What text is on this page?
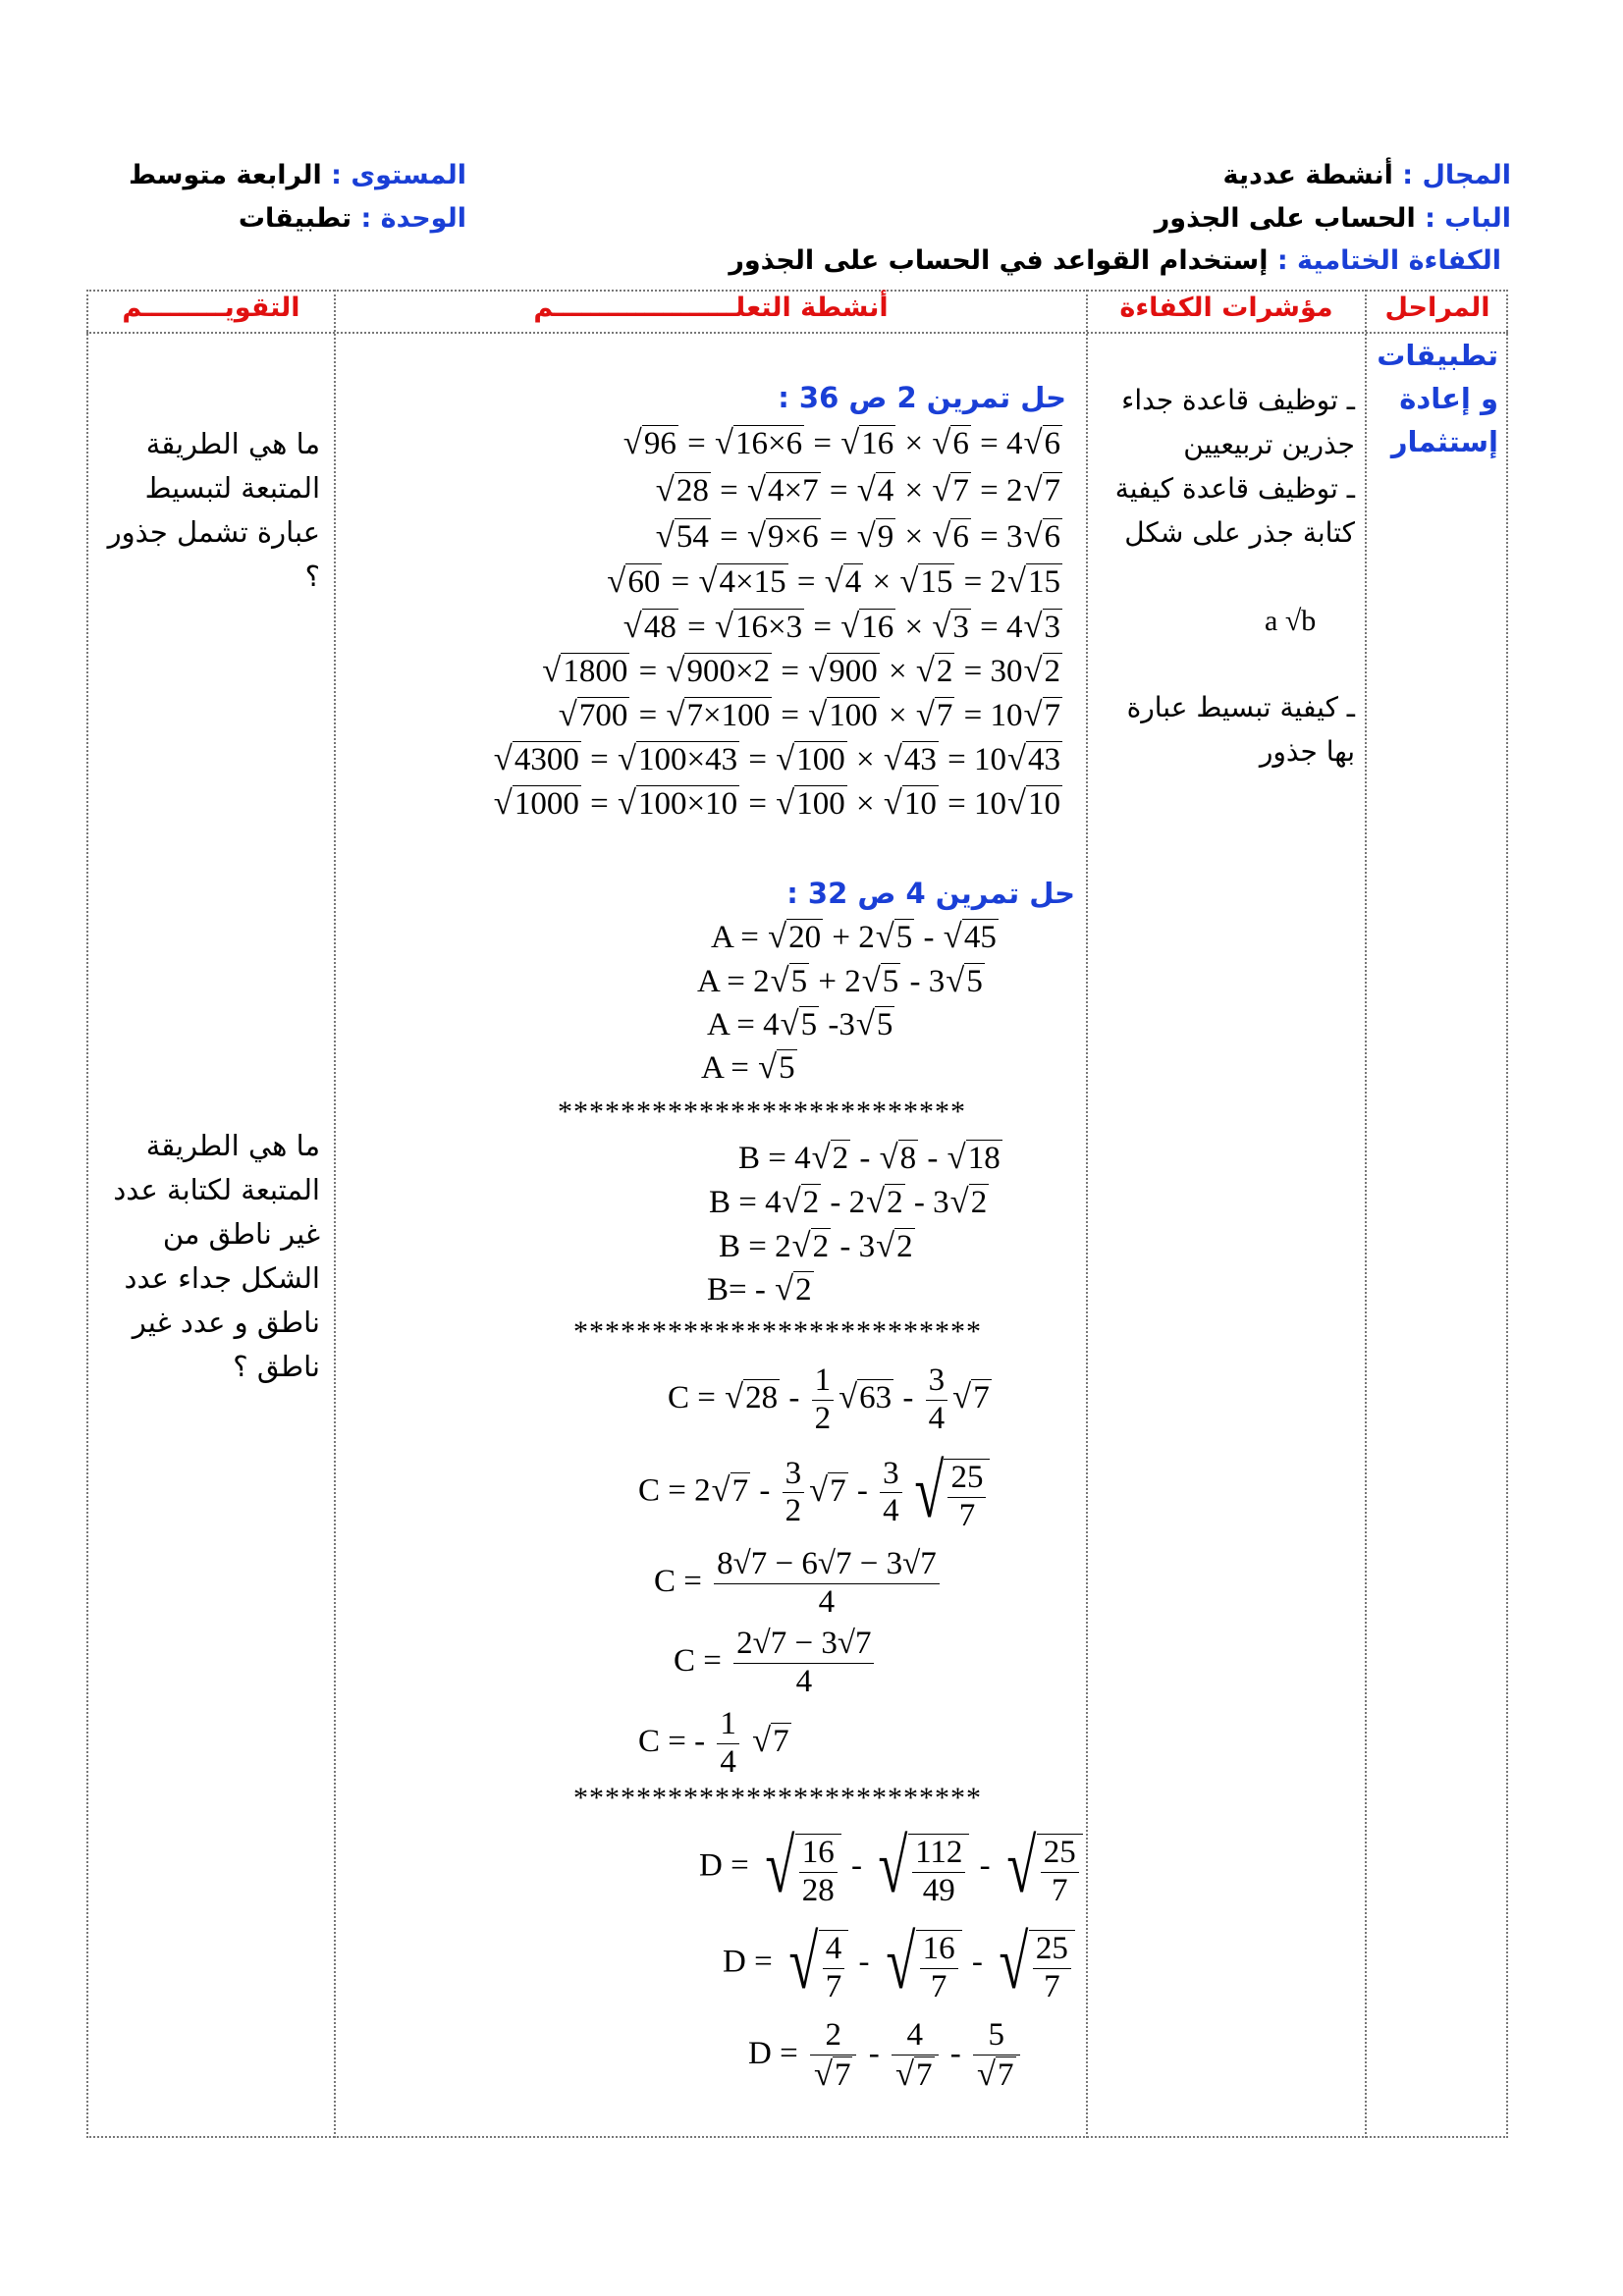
المجال : أنشطة عددية
الباب : الحساب على الجذور
الكفاءة الختامية : إستخدام القواعد في الحساب على الجذور
المستوى : الرابعة متوسط
الوحدة : تطبيقات
المراحل
مؤشرات الكفاءة
أنشطة التعلــــــــــــــــــــم
التقويـــــــــم
تطبيقات
و إعادة
إستثمار
ـ توظيف قاعدة جداء جذرين تربيعيين
ـ توظيف قاعدة كيفية كتابة جذر على شكل
a √b
ـ كيفية تبسيط عبارة بها جذور
ما هي الطريقة المتبعة لتبسيط عبارة تشمل جذور ؟
ما هي الطريقة المتبعة لكتابة عدد غير ناطق من الشكل جداء عدد ناطق و عدد غير ناطق ؟
حل تمرين 2 ص 36 :
√96 = √16×6 = √16 × √6 = 4√6
√28 = √4×7 = √4 × √7 = 2√7
√54 = √9×6 = √9 × √6 = 3√6
√60 = √4×15 = √4 × √15 = 2√15
√48 = √16×3 = √16 × √3 = 4√3
√1800 = √900×2 = √900 × √2 = 30√2
√700 = √7×100 = √100 × √7 = 10√7
√4300 = √100×43 = √100 × √43 = 10√43
√1000 = √100×10 = √100 × √10 = 10√10
حل تمرين 4 ص 32 :
A = √20 + 2√5 - √45
A = 2√5 + 2√5 - 3√5
A = 4√5 -3√5
A = √5
**************************
B = 4√2 - √8 - √18
B = 4√2 - 2√2 - 3√2
B = 2√2 - 3√2
B= - √2
**************************
$C = √28 - \frac{1}{2} √63 - \frac{3}{4} √7$
$C = 2√7 - \frac{3}{2} √7 - \frac{3}{4}$ √ 25
7
$C = \frac{8√7 - 6√7 - 3√7}{4}$
$C = \frac{2√7 - 3√7}{4}$
C = - $\frac{1}{4} √7$
**************************
D = √ 16
28
- √ 112
49
- √ 25
7
D = √ 4
7
- √ 16
7
- √ 25
7
$D = \frac{2}{√7} - \frac{4}{√7} - \frac{5}{√7}$
